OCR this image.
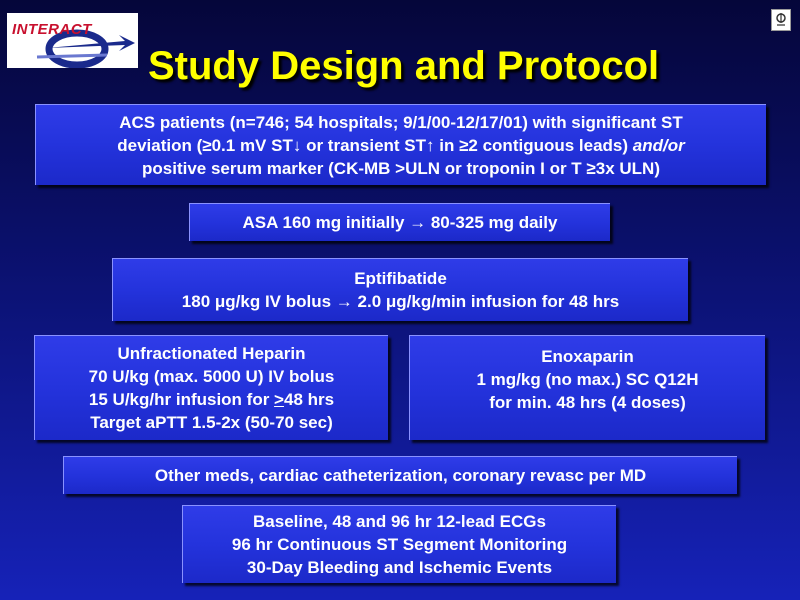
INTERACT
Study Design and Protocol
ACS patients (n=746; 54 hospitals; 9/1/00-12/17/01) with significant ST
deviation (≥0.1 mV ST↓ or transient ST↑ in ≥2 contiguous leads) and/or
positive serum marker (CK-MB >ULN or troponin I or T ≥3x ULN)
ASA 160 mg initially → 80-325 mg daily
Eptifibatide
180 μg/kg IV bolus → 2.0 μg/kg/min infusion for 48 hrs
Unfractionated Heparin
70 U/kg (max. 5000 U) IV bolus
15 U/kg/hr infusion for >48 hrs
Target aPTT 1.5-2x (50-70 sec)
Enoxaparin
1 mg/kg (no max.) SC Q12H
for min. 48 hrs (4 doses)
Other meds, cardiac catheterization, coronary revasc per MD
Baseline, 48 and 96 hr 12-lead ECGs
96 hr Continuous ST Segment Monitoring
30-Day Bleeding and Ischemic Events
